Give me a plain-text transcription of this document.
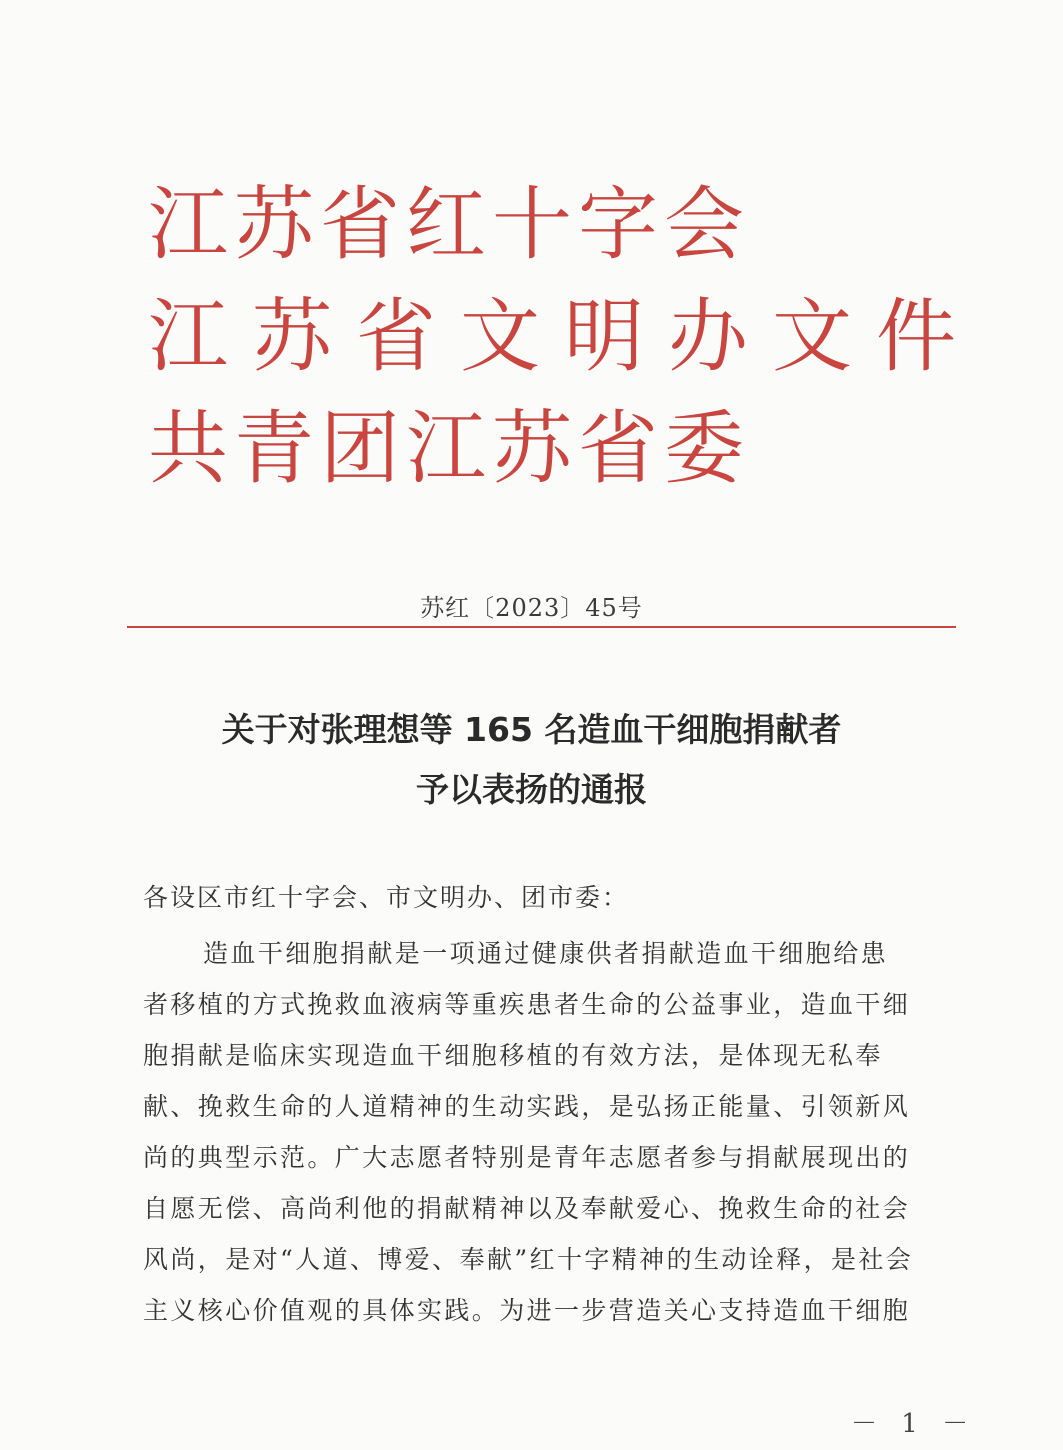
江苏省红十字会
江苏省文明办文件
共青团江苏省委
苏红〔2023〕45号
关于对张理想等 165 名造血干细胞捐献者
予以表扬的通报
各设区市红十字会、市文明办、团市委：
造血干细胞捐献是一项通过健康供者捐献造血干细胞给患
者移植的方式挽救血液病等重疾患者生命的公益事业，造血干细
胞捐献是临床实现造血干细胞移植的有效方法，是体现无私奉
献、挽救生命的人道精神的生动实践，是弘扬正能量、引领新风
尚的典型示范。广大志愿者特别是青年志愿者参与捐献展现出的
自愿无偿、高尚利他的捐献精神以及奉献爱心、挽救生命的社会
风尚，是对“人道、博爱、奉献”红十字精神的生动诠释，是社会
主义核心价值观的具体实践。为进一步营造关心支持造血干细胞
－ 1 －
